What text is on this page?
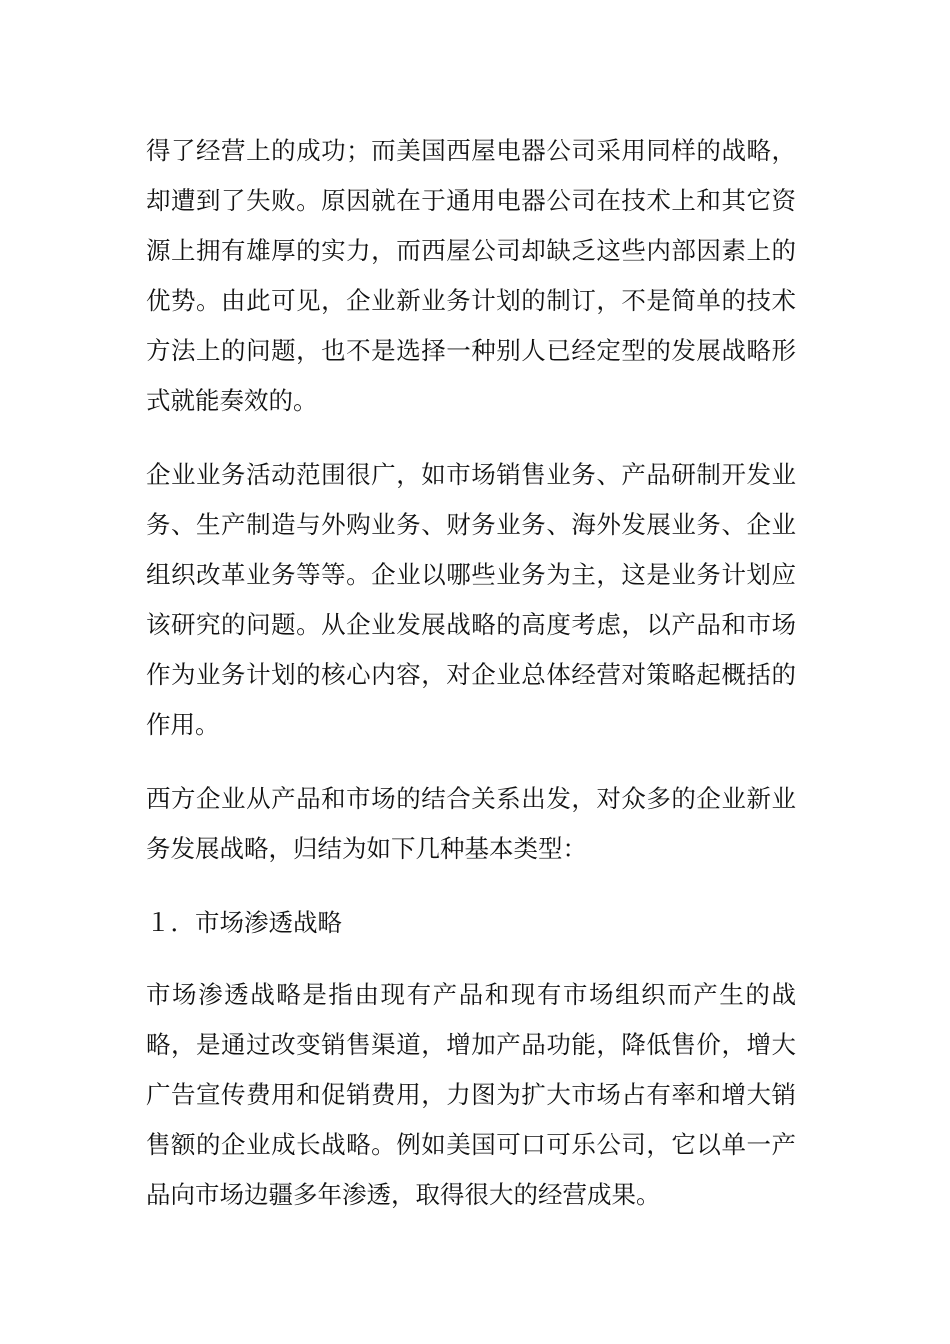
得了经营上的成功；而美国西屋电器公司采用同样的战略，却遭到了失败。原因就在于通用电器公司在技术上和其它资源上拥有雄厚的实力，而西屋公司却缺乏这些内部因素上的优势。由此可见，企业新业务计划的制订，不是简单的技术方法上的问题，也不是选择一种别人已经定型的发展战略形式就能奏效的。

企业业务活动范围很广，如市场销售业务、产品研制开发业务、生产制造与外购业务、财务业务、海外发展业务、企业组织改革业务等等。企业以哪些业务为主，这是业务计划应该研究的问题。从企业发展战略的高度考虑，以产品和市场作为业务计划的核心内容，对企业总体经营对策略起概括的作用。

西方企业从产品和市场的结合关系出发，对众多的企业新业务发展战略，归结为如下几种基本类型：

１．市场渗透战略

市场渗透战略是指由现有产品和现有市场组织而产生的战略，是通过改变销售渠道，增加产品功能，降低售价，增大广告宣传费用和促销费用，力图为扩大市场占有率和增大销售额的企业成长战略。例如美国可口可乐公司，它以单一产品向市场边疆多年渗透，取得很大的经营成果。
